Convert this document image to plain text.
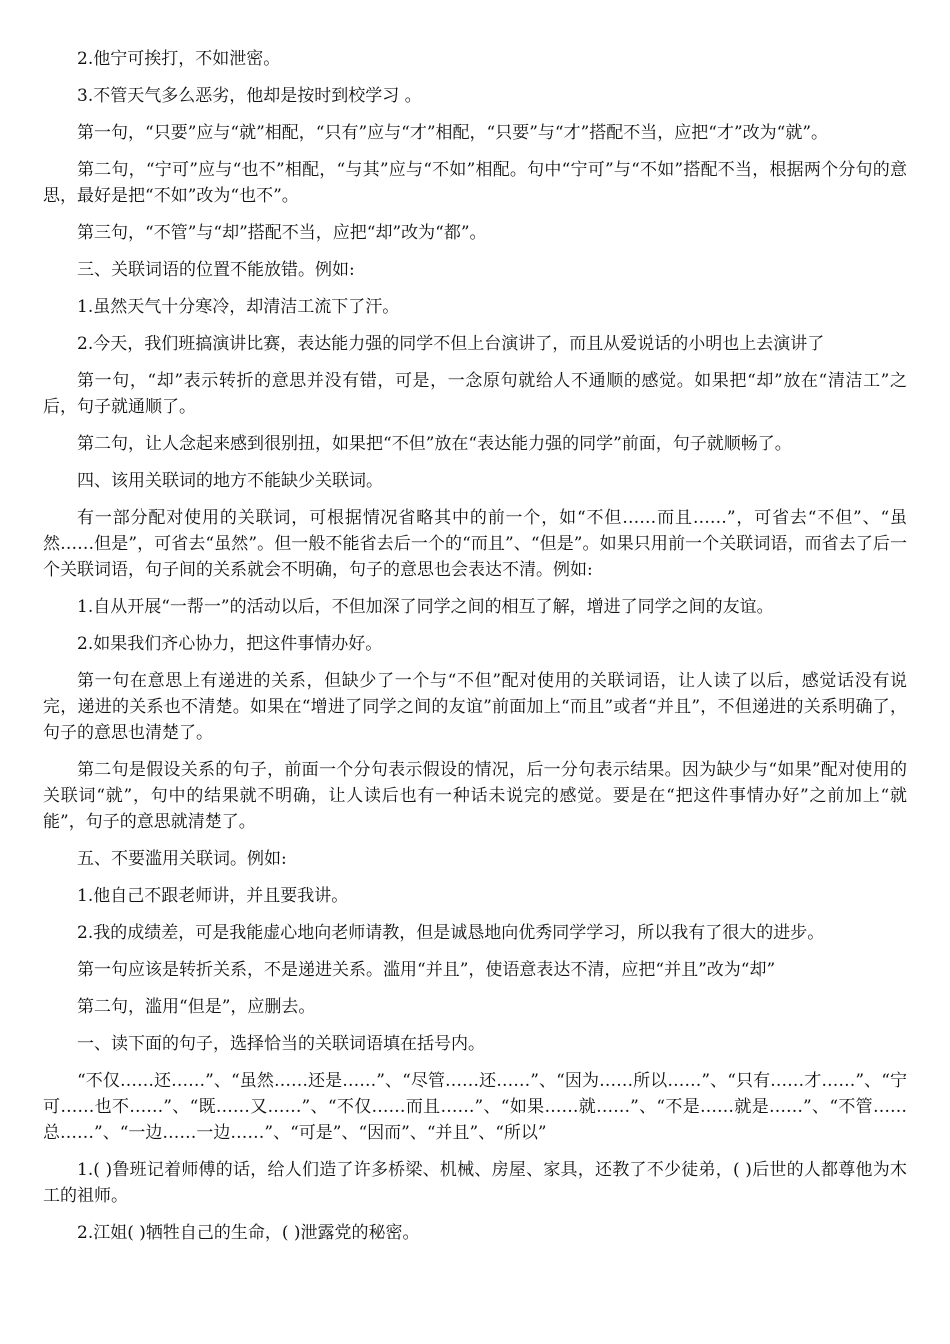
2.他宁可挨打，不如泄密。

3.不管天气多么恶劣，他却是按时到校学习 。

第一句，“只要”应与“就”相配，“只有”应与“才”相配，“只要”与“才”搭配不当，应把“才”改为“就”。

第二句，“宁可”应与“也不”相配，“与其”应与“不如”相配。句中“宁可”与“不如”搭配不当，根据两个分句的意思，最好是把“不如”改为“也不”。

第三句，“不管”与“却”搭配不当，应把“却”改为“都”。

三、关联词语的位置不能放错。例如:

1.虽然天气十分寒冷，却清洁工流下了汗。

2.今天，我们班搞演讲比赛，表达能力强的同学不但上台演讲了，而且从爱说话的小明也上去演讲了

第一句，“却”表示转折的意思并没有错，可是，一念原句就给人不通顺的感觉。如果把“却”放在“清洁工”之后，句子就通顺了。

第二句，让人念起来感到很别扭，如果把“不但”放在“表达能力强的同学”前面，句子就顺畅了。

四、该用关联词的地方不能缺少关联词。

有一部分配对使用的关联词，可根据情况省略其中的前一个，如“不但……而且……”，可省去“不但”、“虽然……但是”，可省去“虽然”。但一般不能省去后一个的“而且”、“但是”。如果只用前一个关联词语，而省去了后一个关联词语，句子间的关系就会不明确，句子的意思也会表达不清。例如:

1.自从开展“一帮一”的活动以后，不但加深了同学之间的相互了解，增进了同学之间的友谊。

2.如果我们齐心协力，把这件事情办好。

第一句在意思上有递进的关系，但缺少了一个与“不但”配对使用的关联词语，让人读了以后，感觉话没有说完，递进的关系也不清楚。如果在“增进了同学之间的友谊”前面加上“而且”或者“并且”，不但递进的关系明确了，句子的意思也清楚了。

第二句是假设关系的句子，前面一个分句表示假设的情况，后一分句表示结果。因为缺少与“如果”配对使用的关联词“就”，句中的结果就不明确，让人读后也有一种话未说完的感觉。要是在“把这件事情办好”之前加上“就能”，句子的意思就清楚了。

五、不要滥用关联词。例如:

1.他自己不跟老师讲，并且要我讲。

2.我的成绩差，可是我能虚心地向老师请教，但是诚恳地向优秀同学学习，所以我有了很大的进步。

第一句应该是转折关系，不是递进关系。滥用“并且”，使语意表达不清，应把“并且”改为“却”

第二句，滥用“但是”，应删去。

一、读下面的句子，选择恰当的关联词语填在括号内。

“不仅……还……”、“虽然……还是……”、“尽管……还……”、“因为……所以……”、“只有……才……”、“宁可……也不……”、“既……又……”、“不仅……而且……”、“如果……就……”、“不是……就是……”、“不管……总……”、“一边……一边……”、“可是”、“因而”、“并且”、“所以”

1.( )鲁班记着师傅的话，给人们造了许多桥梁、机械、房屋、家具，还教了不少徒弟，( )后世的人都尊他为木工的祖师。

2.江姐( )牺牲自己的生命，( )泄露党的秘密。
